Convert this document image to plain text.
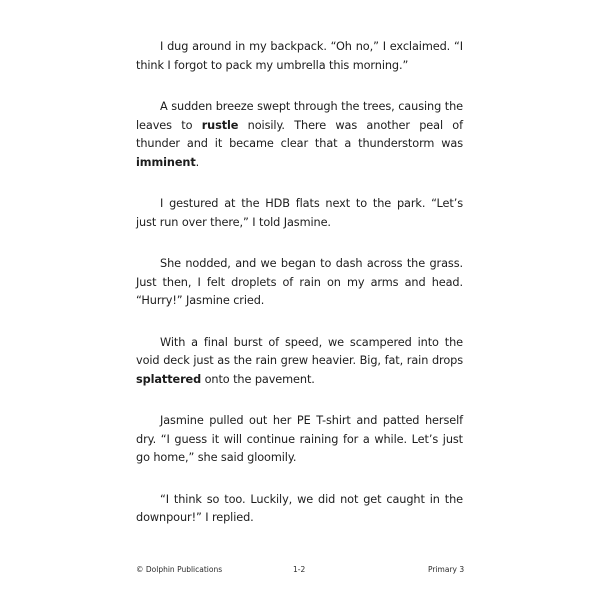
I dug around in my backpack. “Oh no,” I exclaimed. “I think I forgot to pack my umbrella this morning.”

A sudden breeze swept through the trees, causing the leaves to rustle noisily. There was another peal of thunder and it became clear that a thunderstorm was imminent.

I gestured at the HDB flats next to the park. “Let’s just run over there,” I told Jasmine.

She nodded, and we began to dash across the grass. Just then, I felt droplets of rain on my arms and head. “Hurry!” Jasmine cried.

With a final burst of speed, we scampered into the void deck just as the rain grew heavier. Big, fat, rain drops splattered onto the pavement.

Jasmine pulled out her PE T-shirt and patted herself dry. “I guess it will continue raining for a while. Let’s just go home,” she said gloomily.

“I think so too. Luckily, we did not get caught in the downpour!” I replied.

© Dolphin Publications	1-2	Primary 3
